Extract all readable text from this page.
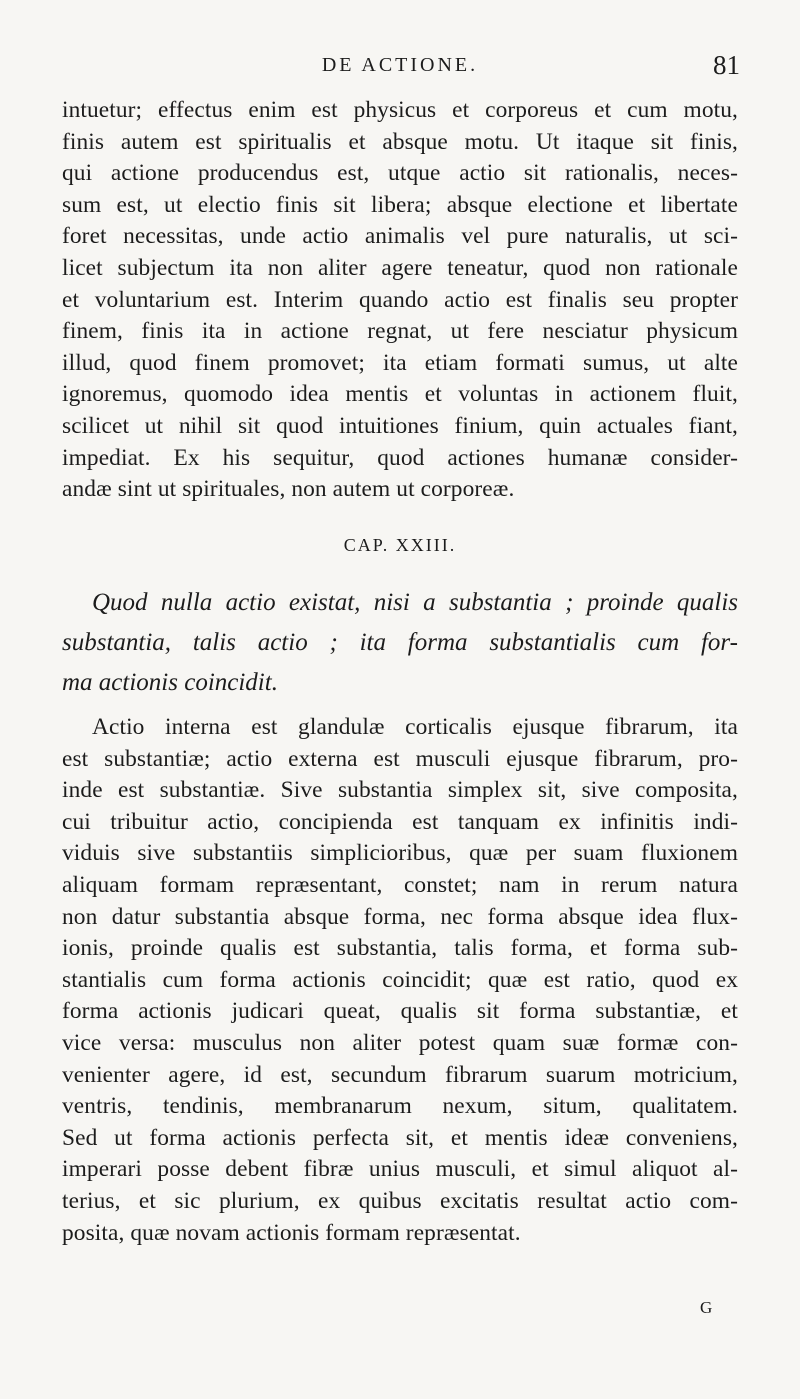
DE ACTIONE.	81
intuetur; effectus enim est physicus et corporeus et cum motu,
finis autem est spiritualis et absque motu. Ut itaque sit finis,
qui actione producendus est, utque actio sit rationalis, neces-
sum est, ut electio finis sit libera; absque electione et libertate
foret necessitas, unde actio animalis vel pure naturalis, ut sci-
licet subjectum ita non aliter agere teneatur, quod non rationale
et voluntarium est. Interim quando actio est finalis seu propter
finem, finis ita in actione regnat, ut fere nesciatur physicum
illud, quod finem promovet; ita etiam formati sumus, ut alte
ignoremus, quomodo idea mentis et voluntas in actionem fluit,
scilicet ut nihil sit quod intuitiones finium, quin actuales fiant,
impediat. Ex his sequitur, quod actiones humanæ consider-
andæ sint ut spirituales, non autem ut corporeæ.
CAP. XXIII.
Quod nulla actio existat, nisi a substantia ; proinde qualis
substantia, talis actio ; ita forma substantialis cum for-
ma actionis coincidit.
Actio interna est glandulæ corticalis ejusque fibrarum, ita
est substantiæ; actio externa est musculi ejusque fibrarum, pro-
inde est substantiæ. Sive substantia simplex sit, sive composita,
cui tribuitur actio, concipienda est tanquam ex infinitis indi-
viduis sive substantiis simplicioribus, quæ per suam fluxionem
aliquam formam repræsentant, constet; nam in rerum natura
non datur substantia absque forma, nec forma absque idea flux-
ionis, proinde qualis est substantia, talis forma, et forma sub-
stantialis cum forma actionis coincidit; quæ est ratio, quod ex
forma actionis judicari queat, qualis sit forma substantiæ, et
vice versa: musculus non aliter potest quam suæ formæ con-
venienter agere, id est, secundum fibrarum suarum motricium,
ventris, tendinis, membranarum nexum, situm, qualitatem.
Sed ut forma actionis perfecta sit, et mentis ideæ conveniens,
imperari posse debent fibræ unius musculi, et simul aliquot al-
terius, et sic plurium, ex quibus excitatis resultat actio com-
posita, quæ novam actionis formam repræsentat.
G
